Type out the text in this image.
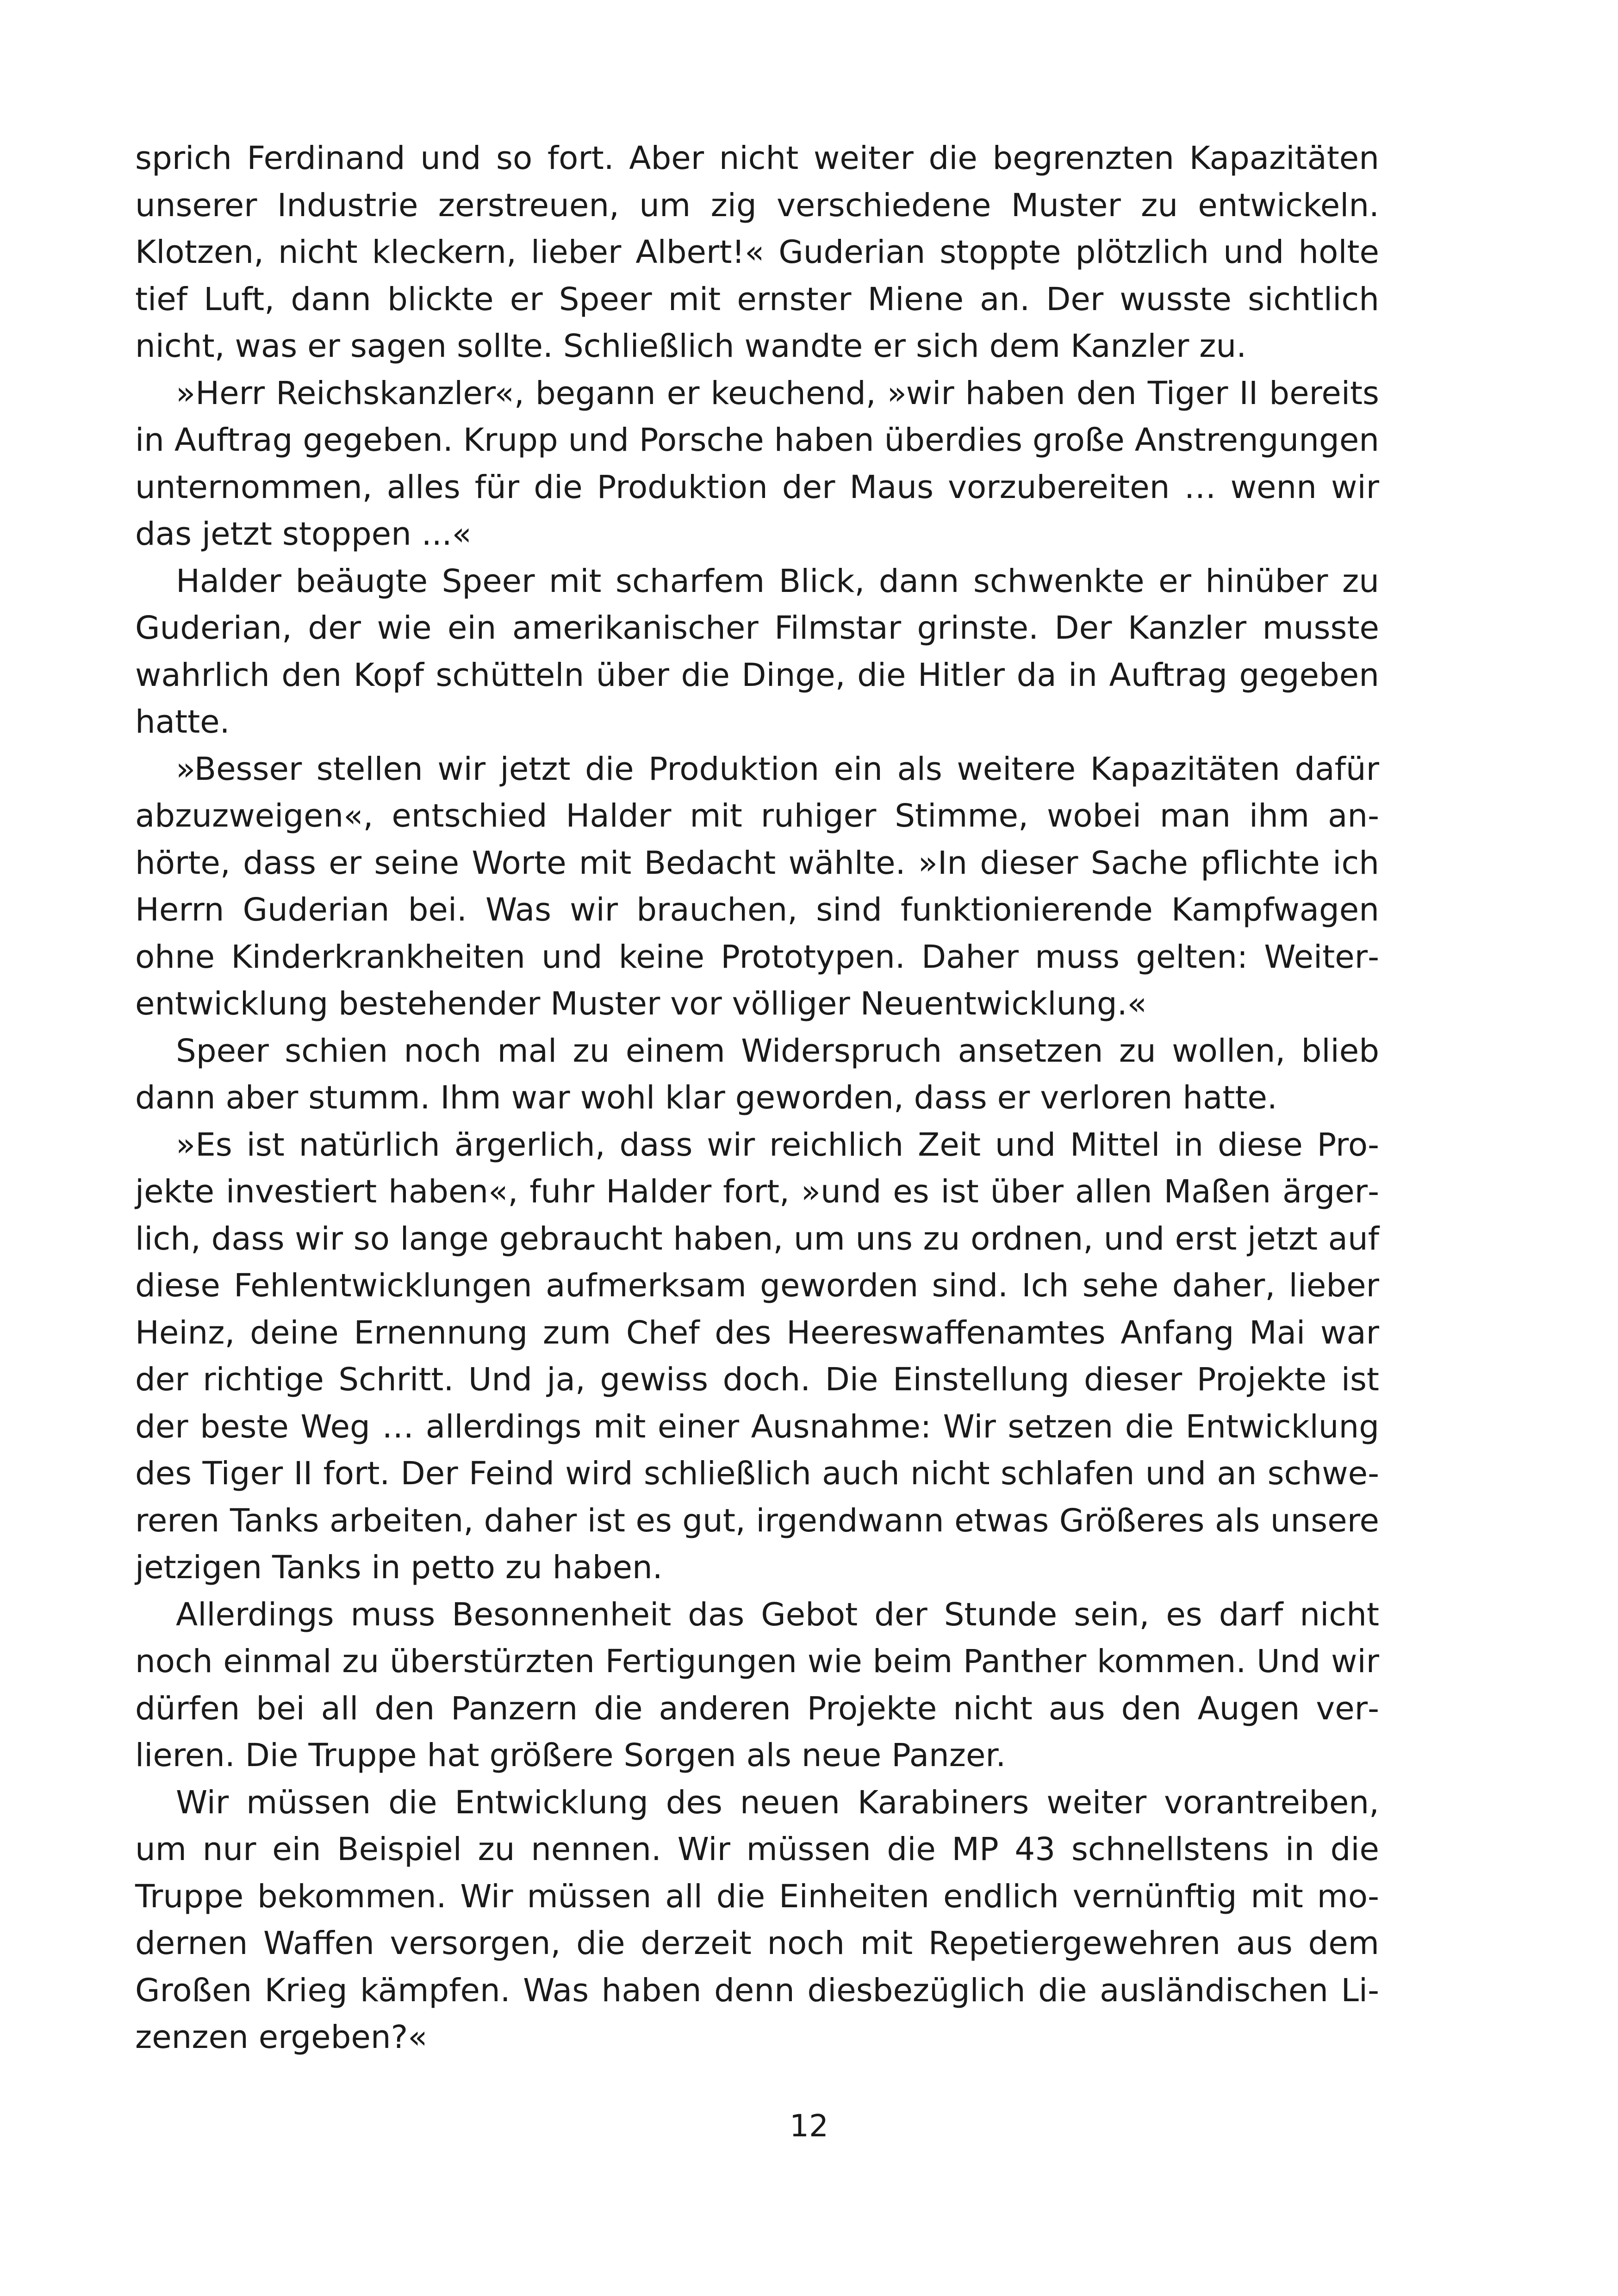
sprich Ferdinand und so fort. Aber nicht weiter die begrenzten Kapazitäten unserer Industrie zerstreuen, um zig verschiedene Muster zu entwickeln. Klotzen, nicht kleckern, lieber Albert!« Guderian stoppte plötzlich und holte tief Luft, dann blickte er Speer mit ernster Miene an. Der wusste sichtlich nicht, was er sagen sollte. Schließlich wandte er sich dem Kanzler zu.

»Herr Reichskanzler«, begann er keuchend, »wir haben den Tiger II bereits in Auftrag gegeben. Krupp und Porsche haben überdies große Anstrengungen unternommen, alles für die Produktion der Maus vorzubereiten … wenn wir das jetzt stoppen ...«

Halder beäugte Speer mit scharfem Blick, dann schwenkte er hinüber zu Guderian, der wie ein amerikanischer Filmstar grinste. Der Kanzler musste wahrlich den Kopf schütteln über die Dinge, die Hitler da in Auftrag gegeben hatte.

»Besser stellen wir jetzt die Produktion ein als weitere Kapazitäten dafür abzuzweigen«, entschied Halder mit ruhiger Stimme, wobei man ihm anhörte, dass er seine Worte mit Bedacht wählte. »In dieser Sache pflichte ich Herrn Guderian bei. Was wir brauchen, sind funktionierende Kampfwagen ohne Kinderkrankheiten und keine Prototypen. Daher muss gelten: Weiterentwicklung bestehender Muster vor völliger Neuentwicklung.«

Speer schien noch mal zu einem Widerspruch ansetzen zu wollen, blieb dann aber stumm. Ihm war wohl klar geworden, dass er verloren hatte.

»Es ist natürlich ärgerlich, dass wir reichlich Zeit und Mittel in diese Projekte investiert haben«, fuhr Halder fort, »und es ist über allen Maßen ärgerlich, dass wir so lange gebraucht haben, um uns zu ordnen, und erst jetzt auf diese Fehlentwicklungen aufmerksam geworden sind. Ich sehe daher, lieber Heinz, deine Ernennung zum Chef des Heereswaffenamtes Anfang Mai war der richtige Schritt. Und ja, gewiss doch. Die Einstellung dieser Projekte ist der beste Weg … allerdings mit einer Ausnahme: Wir setzen die Entwicklung des Tiger II fort. Der Feind wird schließlich auch nicht schlafen und an schwereren Tanks arbeiten, daher ist es gut, irgendwann etwas Größeres als unsere jetzigen Tanks in petto zu haben.

Allerdings muss Besonnenheit das Gebot der Stunde sein, es darf nicht noch einmal zu überstürzten Fertigungen wie beim Panther kommen. Und wir dürfen bei all den Panzern die anderen Projekte nicht aus den Augen verlieren. Die Truppe hat größere Sorgen als neue Panzer.

Wir müssen die Entwicklung des neuen Karabiners weiter vorantreiben, um nur ein Beispiel zu nennen. Wir müssen die MP 43 schnellstens in die Truppe bekommen. Wir müssen all die Einheiten endlich vernünftig mit modernen Waffen versorgen, die derzeit noch mit Repetiergewehren aus dem Großen Krieg kämpfen. Was haben denn diesbezüglich die ausländischen Lizenzen ergeben?«

12
